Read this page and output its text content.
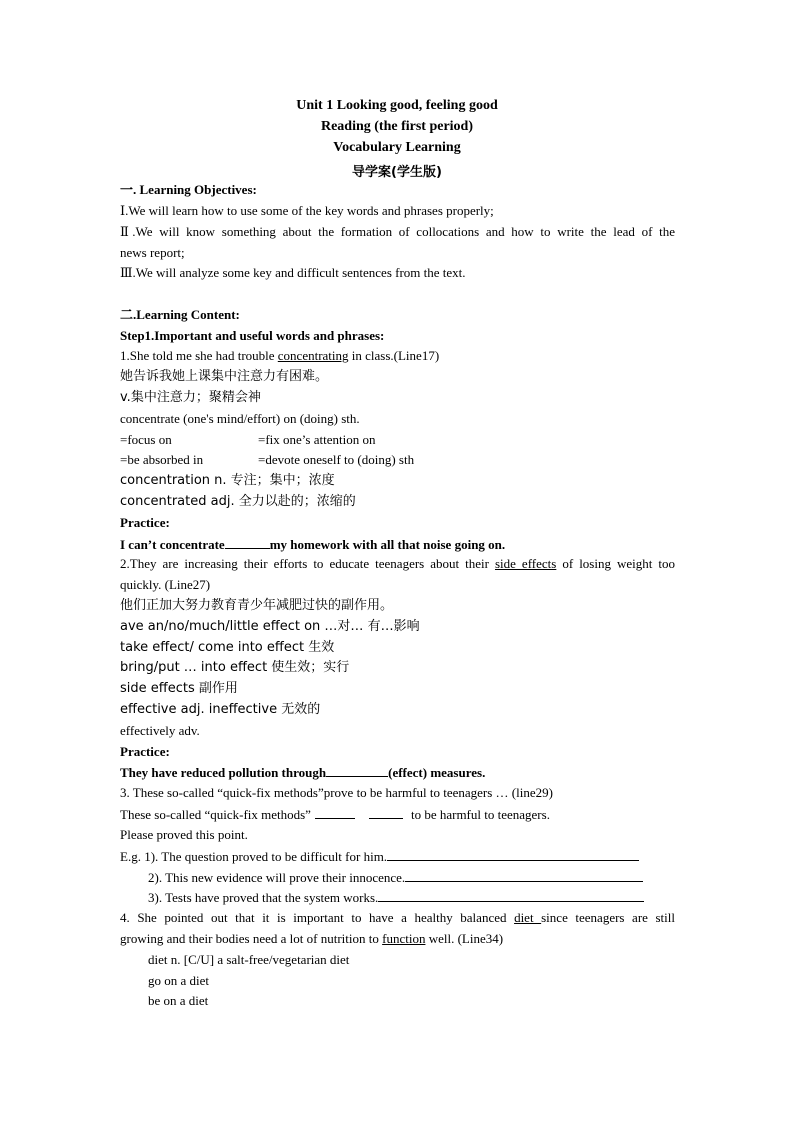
Unit 1 Looking good, feeling good
Reading (the first period)
Vocabulary Learning
导学案(学生版)
一. Learning Objectives:
Ⅰ.We will learn how to use some of the key words and phrases properly;
Ⅱ.We will know something about the formation of collocations and how to write the lead of the
news report;
Ⅲ.We will analyze some key and difficult sentences from the text.
二.Learning Content:
Step1.Important and useful words and phrases:
1.She told me she had trouble concentrating in class.(Line17)
她告诉我她上课集中注意力有困难。
v.集中注意力；聚精会神
concentrate (one's mind/effort) on (doing) sth.
=focus on	=fix one’s attention on
=be absorbed in	=devote oneself to (doing) sth
concentration n. 专注；集中；浓度
concentrated adj. 全力以赴的；浓缩的
Practice:
I can’t concentrate	my homework with all that noise going on.
2.They are increasing their efforts to educate teenagers about their side effects of losing weight too
quickly. (Line27)
他们正加大努力教育青少年减肥过快的副作用。
ave an/no/much/little effect on …对… 有…影响
take effect/ come into effect 生效
bring/put … into effect 使生效；实行
side effects 副作用
effective adj. ineffective 无效的
effectively adv.
Practice:
They have reduced pollution through	(effect) measures.
3. These so-called “quick-fix methods”prove to be harmful to teenagers … (line29)
These so-called “quick-fix methods”	to be harmful to teenagers.
Please proved this point.
E.g. 1). The question proved to be difficult for him.
2). This new evidence will prove their innocence.
3). Tests have proved that the system works.
4. She pointed out that it is important to have a healthy balanced diet since teenagers are still
growing and their bodies need a lot of nutrition to function well. (Line34)
diet n. [C/U] a salt-free/vegetarian diet
go on a diet
be on a diet
